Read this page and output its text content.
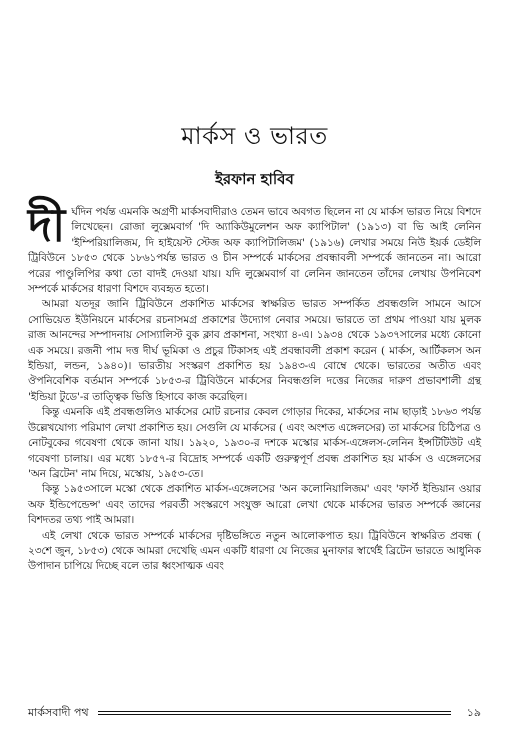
মার্কস ও ভারত
ইরফান হাবিব

দীর্ঘদিন পর্যন্ত এমনকি অগ্রণী মার্কসবাদীরাও তেমন ভাবে অবগত ছিলেন না যে মার্কস ভারত নিয়ে বিশদে লিখেছেন। রোজা লুক্সেমবার্গ 'দি অ্যাকিউমুলেশন অফ ক্যাপিটাল' (১৯১৩) বা ভি আই লেনিন 'ইম্পিরিয়ালিজম, দি হাইয়েস্ট স্টেজ অফ ক্যাপিটালিজম' (১৯১৬) লেখার সময়ে নিউ ইয়র্ক ডেইলি ট্রিবিউনে ১৮৫৩ থেকে ১৮৬১পর্যন্ত ভারত ও চীন সম্পর্কে মার্কসের প্রবন্ধাবলী সম্পর্কে জানতেন না। আরো পরের পাণ্ডুলিপির কথা তো বাদই দেওয়া যায়। যদি লুক্সেমবার্গ বা লেনিন জানতেন তাঁদের লেখায় উপনিবেশ সম্পর্কে মার্কসের ধারণা বিশদে ব্যবহৃত হতো।

আমরা যতদূর জানি ট্রিবিউনে প্রকাশিত মার্কসের স্বাক্ষরিত ভারত সম্পর্কিত প্রবন্ধগুলি সামনে আসে সোভিয়েত ইউনিয়নে মার্কসের রচনাসমগ্র প্রকাশের উদ্যোগ নেবার সময়ে। ভারতে তা প্রথম পাওয়া যায় মুলক রাজ আনন্দের সম্পাদনায় সোস্যালিস্ট বুক ক্লাব প্রকাশনা, সংখ্যা ৪-এ। ১৯৩৪ থেকে ১৯৩৭সালের মধ্যে কোনো এক সময়ে। রজনী পাম দত্ত দীর্ঘ ভূমিকা ও প্রচুর টিকাসহ এই প্রবন্ধাবলী প্রকাশ করেন ( মার্কস, আর্টিকলস অন ইন্ডিয়া, লন্ডন, ১৯৪০)। ভারতীয় সংস্করণ প্রকাশিত হয় ১৯৪৩-এ বোম্বে থেকে। ভারতের অতীত এবং ঔপনিবেশিক বর্তমান সম্পর্কে ১৮৫৩-র ট্রিবিউনে মার্কসের নিবন্ধগুলি দত্তের নিজের দারুণ প্রভাবশালী গ্রন্থ 'ইন্ডিয়া টুডে'-র তাত্ত্বিক ভিত্তি হিসাবে কাজ করেছিল।

কিন্তু এমনকি এই প্রবন্ধগুলিও মার্কসের মোট রচনার কেবল গোড়ার দিকের, মার্কসের নাম ছাড়াই ১৮৬৩ পর্যন্ত উল্লেখযোগ্য পরিমাণ লেখা প্রকাশিত হয়। সেগুলি যে মার্কসের ( এবং অংশত এঙ্গেলসের) তা মার্কসের চিঠিপত্র ও নোটবুকের গবেষণা থেকে জানা যায়। ১৯২০, ১৯৩০-র দশকে মস্কোর মার্কস-এঙ্গেলস-লেনিন ইন্সটিটিউট এই গবেষণা চালায়। এর মধ্যে ১৮৫৭-র বিদ্রোহ সম্পর্কে একটি গুরুত্বপূর্ণ প্রবন্ধ প্রকাশিত হয় মার্কস ও এঙ্গেলসের 'অন ব্রিটেন' নাম দিয়ে, মস্কোয়, ১৯৫৩-তে।

কিন্তু ১৯৫৩সালে মস্কো থেকে প্রকাশিত মার্কস-এঙ্গেলসের 'অন কলোনিয়ালিজম' এবং 'ফার্স্ট ইন্ডিয়ান ওয়ার অফ ইন্ডিপেন্ডেন্স' এবং তাদের পরবর্তী সংস্করণে সংযুক্ত আরো লেখা থেকে মার্কসের ভারত সম্পর্কে জ্ঞানের বিশদতর তথ্য পাই আমরা।

এই লেখা থেকে ভারত সম্পর্কে মার্কসের দৃষ্টিভঙ্গিতে নতুন আলোকপাত হয়। ট্রিবিউনে স্বাক্ষরিত প্রবন্ধ ( ২৩শে জুন, ১৮৫৩) থেকে আমরা দেখেছি এমন একটি ধারণা যে নিজের মুনাফার স্বার্থেই ব্রিটেন ভারতে আধুনিক উপাদান চাপিয়ে দিচ্ছে বলে তার ধ্বংসাত্মক এবং

মার্কসবাদী পথ	১৯
